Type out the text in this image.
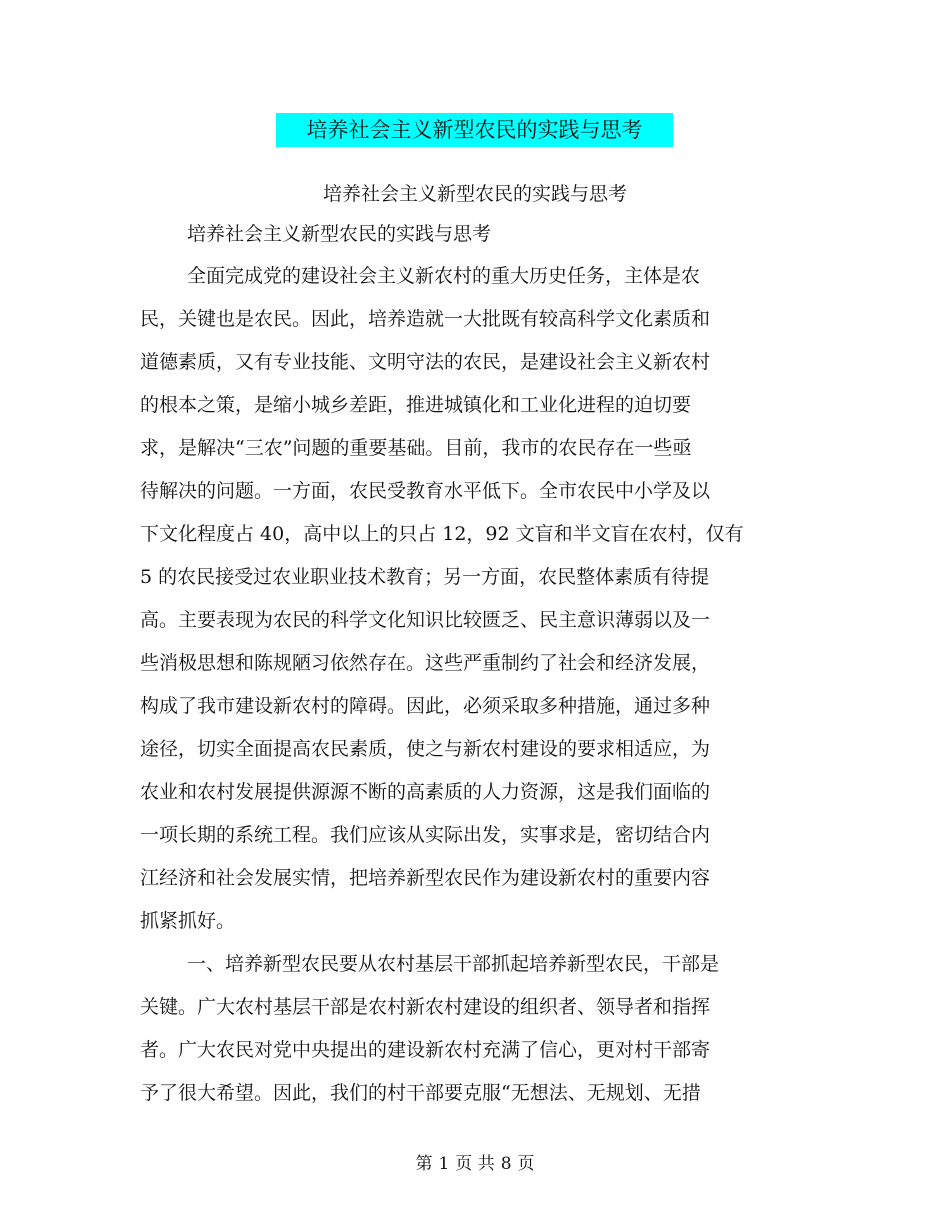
培养社会主义新型农民的实践与思考
培养社会主义新型农民的实践与思考
培养社会主义新型农民的实践与思考
全面完成党的建设社会主义新农村的重大历史任务，主体是农
民，关键也是农民。因此，培养造就一大批既有较高科学文化素质和
道德素质，又有专业技能、文明守法的农民，是建设社会主义新农村
的根本之策，是缩小城乡差距，推进城镇化和工业化进程的迫切要
求，是解决“三农”问题的重要基础。目前，我市的农民存在一些亟
待解决的问题。一方面，农民受教育水平低下。全市农民中小学及以
下文化程度占 40，高中以上的只占 12，92 文盲和半文盲在农村，仅有
5 的农民接受过农业职业技术教育；另一方面，农民整体素质有待提
高。主要表现为农民的科学文化知识比较匮乏、民主意识薄弱以及一
些消极思想和陈规陋习依然存在。这些严重制约了社会和经济发展，
构成了我市建设新农村的障碍。因此，必须采取多种措施，通过多种
途径，切实全面提高农民素质，使之与新农村建设的要求相适应，为
农业和农村发展提供源源不断的高素质的人力资源，这是我们面临的
一项长期的系统工程。我们应该从实际出发，实事求是，密切结合内
江经济和社会发展实情，把培养新型农民作为建设新农村的重要内容
抓紧抓好。
一、培养新型农民要从农村基层干部抓起培养新型农民，干部是
关键。广大农村基层干部是农村新农村建设的组织者、领导者和指挥
者。广大农民对党中央提出的建设新农村充满了信心，更对村干部寄
予了很大希望。因此，我们的村干部要克服“无想法、无规划、无措
第 1 页 共 8 页
